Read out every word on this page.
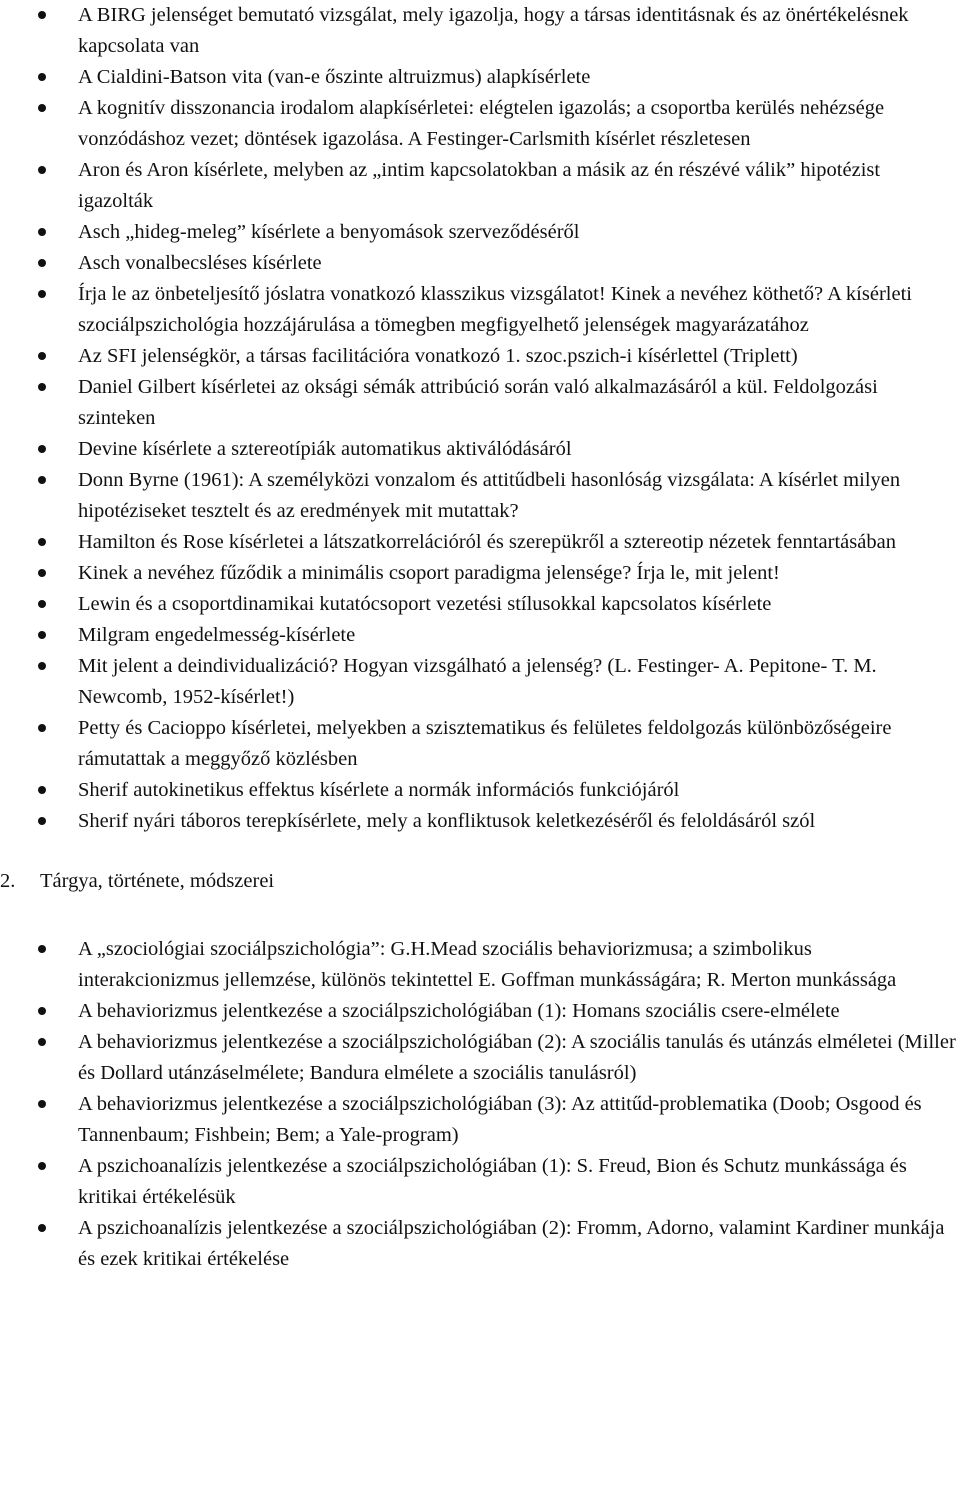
A BIRG jelenséget bemutató vizsgálat, mely igazolja, hogy a társas identitásnak és az önértékelésnek kapcsolata van
A Cialdini-Batson vita (van-e őszinte altruizmus) alapkísérlete
A kognitív disszonancia irodalom alapkísérletei: elégtelen igazolás; a csoportba kerülés nehézsége vonzódáshoz vezet; döntések igazolása. A Festinger-Carlsmith kísérlet részletesen
Aron és Aron kísérlete, melyben az „intim kapcsolatokban a másik az én részévé válik” hipotézist igazolták
Asch „hideg-meleg” kísérlete a benyomások szerveződéséről
Asch vonalbecsléses kísérlete
Írja le az önbeteljesítő jóslatra vonatkozó klasszikus vizsgálatot! Kinek a nevéhez köthető? A kísérleti szociálpszichológia hozzájárulása a tömegben megfigyelhető jelenségek magyarázatához
Az SFI jelenségkör, a társas facilitációra vonatkozó 1. szoc.pszich-i kísérlettel (Triplett)
Daniel Gilbert kísérletei az oksági sémák attribúció során való alkalmazásáról a kül. Feldolgozási szinteken
Devine kísérlete a sztereotípiák automatikus aktiválódásáról
Donn Byrne (1961): A személyközi vonzalom és attitűdbeli hasonlóság vizsgálata: A kísérlet milyen hipotéziseket tesztelt és az eredmények mit mutattak?
Hamilton és Rose kísérletei a látszatkorrelációról és szerepükről a sztereotip nézetek fenntartásában
Kinek a nevéhez fűződik a minimális csoport paradigma jelensége? Írja le, mit jelent!
Lewin és a csoportdinamikai kutatócsoport vezetési stílusokkal kapcsolatos kísérlete
Milgram engedelmesség-kísérlete
Mit jelent a deindividualizáció? Hogyan vizsgálható a jelenség? (L. Festinger- A. Pepitone- T. M. Newcomb, 1952-kísérlet!)
Petty és Cacioppo kísérletei, melyekben a szisztematikus és felületes feldolgozás különbözőségeire rámutattak a meggyőző közlésben
Sherif autokinetikus effektus kísérlete a normák információs funkciójáról
Sherif nyári táboros terepkísérlete, mely a konfliktusok keletkezéséről és feloldásáról szól
2. Tárgya, története, módszerei
A „szociológiai szociálpszichológia”: G.H.Mead szociális behaviorizmusa; a szimbolikus interakcionizmus jellemzése, különös tekintettel E. Goffman munkásságára; R. Merton munkássága
A behaviorizmus jelentkezése a szociálpszichológiában (1): Homans szociális csere-elmélete
A behaviorizmus jelentkezése a szociálpszichológiában (2): A szociális tanulás és utánzás elméletei (Miller és Dollard utánzáselmélete; Bandura elmélete a szociális tanulásról)
A behaviorizmus jelentkezése a szociálpszichológiában (3): Az attitűd-problematika (Doob; Osgood és Tannenbaum; Fishbein; Bem; a Yale-program)
A pszichoanalízis jelentkezése a szociálpszichológiában (1): S. Freud, Bion és Schutz munkássága és kritikai értékelésük
A pszichoanalízis jelentkezése a szociálpszichológiában (2): Fromm, Adorno, valamint Kardiner munkája és ezek kritikai értékelése
